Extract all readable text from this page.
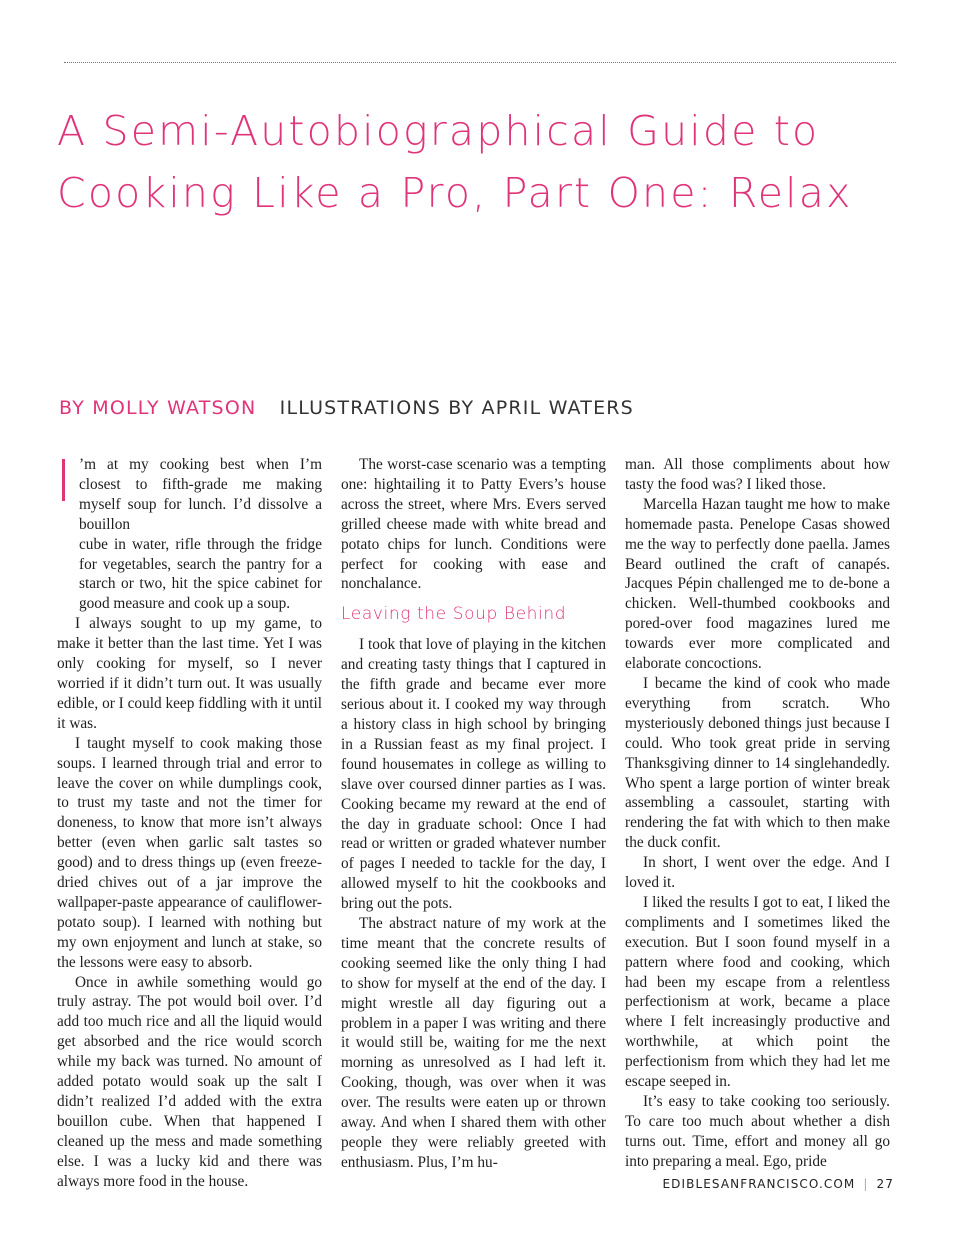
A Semi-Autobiographical Guide to Cooking Like a Pro, Part One: Relax
BY MOLLY WATSON ILLUSTRATIONS BY APRIL WATERS

’m at my cooking best when I’m closest to fifth-grade me making myself soup for lunch. I’d dissolve a bouillon

cube in water, rifle through the fridge for vegetables, search the pantry for a starch or two, hit the spice cabinet for good measure and cook up a soup.

I always sought to up my game, to make it better than the last time. Yet I was only cooking for myself, so I never worried if it didn’t turn out. It was usually edible, or I could keep fiddling with it until it was.

I taught myself to cook making those soups. I learned through trial and error to leave the cover on while dumplings cook, to trust my taste and not the timer for doneness, to know that more isn’t always better (even when garlic salt tastes so good) and to dress things up (even freeze-dried chives out of a jar improve the wallpaper-paste appearance of cauliflower-potato soup). I learned with nothing but my own enjoyment and lunch at stake, so the lessons were easy to absorb.

Once in awhile something would go truly astray. The pot would boil over. I’d add too much rice and all the liquid would get absorbed and the rice would scorch while my back was turned. No amount of added potato would soak up the salt I didn’t realized I’d added with the extra bouillon cube. When that happened I cleaned up the mess and made something else. I was a lucky kid and there was always more food in the house.

The worst-case scenario was a tempting one: hightailing it to Patty Evers’s house across the street, where Mrs. Evers served grilled cheese made with white bread and potato chips for lunch. Conditions were perfect for cooking with ease and nonchalance.

Leaving the Soup Behind

I took that love of playing in the kitchen and creating tasty things that I captured in the fifth grade and became ever more serious about it. I cooked my way through a history class in high school by bringing in a Russian feast as my final project. I found housemates in college as willing to slave over coursed dinner parties as I was. Cooking became my reward at the end of the day in graduate school: Once I had read or written or graded whatever number of pages I needed to tackle for the day, I allowed myself to hit the cookbooks and bring out the pots.

The abstract nature of my work at the time meant that the concrete results of cooking seemed like the only thing I had to show for myself at the end of the day. I might wrestle all day figuring out a problem in a paper I was writing and there it would still be, waiting for me the next morning as unresolved as I had left it. Cooking, though, was over when it was over. The results were eaten up or thrown away. And when I shared them with other people they were reliably greeted with enthusiasm. Plus, I’m hu-

man. All those compliments about how tasty the food was? I liked those.

Marcella Hazan taught me how to make homemade pasta. Penelope Casas showed me the way to perfectly done paella. James Beard outlined the craft of canapés. Jacques Pépin challenged me to de-bone a chicken. Well-thumbed cookbooks and pored-over food magazines lured me towards ever more complicated and elaborate concoctions.

I became the kind of cook who made everything from scratch. Who mysteriously deboned things just because I could. Who took great pride in serving Thanksgiving dinner to 14 singlehandedly. Who spent a large portion of winter break assembling a cassoulet, starting with rendering the fat with which to then make the duck confit.

In short, I went over the edge. And I loved it.

I liked the results I got to eat, I liked the compliments and I sometimes liked the execution. But I soon found myself in a pattern where food and cooking, which had been my escape from a relentless perfectionism at work, became a place where I felt increasingly productive and worthwhile, at which point the perfectionism from which they had let me escape seeped in.

It’s easy to take cooking too seriously. To care too much about whether a dish turns out. Time, effort and money all go into preparing a meal. Ego, pride

EDIBLESANFRANCISCO.COM | 27
